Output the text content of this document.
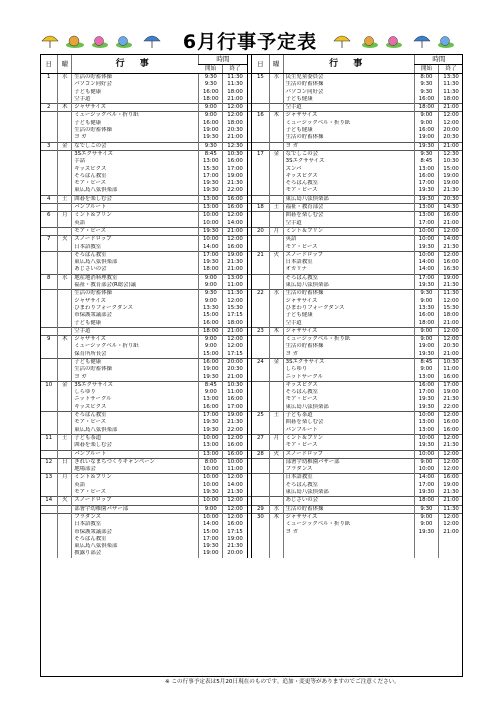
6月行事予定表
日	曜	行 事	時間			日	曜	行 事	時間	
			開始	終了					開始	終了
1	水	生活の貯蓄体操	9:30	11:30		15	水	民生児童委員会	8:00	13:30
		パソコン同好会	9:30	11:30				生活の貯蓄体操	9:30	11:30
		子ども健康	16:00	18:00				パソコン同好会	9:30	11:30
		空手道	18:00	21:00				子ども健康	16:00	18:00
2	木	ジャザサイズ	9:00	12:00				空手道	18:00	21:00
		ミュージックベル・折り紙	9:00	12:00		16	木	ジャザサイズ	9:00	12:00
		子ども健康	16:00	18:00				ミュージックベル・折り紙	9:00	12:00
		生活の貯蓄体操	19:00	20:30				子ども健康	16:00	20:00
		ヨ ガ	19:30	21:00				生活の貯蓄体操	19:00	20:30
3	金	なでしこの会	9:30	12:30				ヨ ガ	19:30	21:00
		3Sエクササイズ	8:45	10:30		17	金	なでしこの会	9:30	12:30
		手話	13:00	16:00				3Sエクササイズ	8:45	10:30
		キッズビクス	15:30	17:00				ズンバ	13:00	15:00
		そろばん教室	17:00	19:00				キッズビクス	16:00	19:00
		モア・ピース	19:30	21:30				そろばん教室	17:00	19:00
		東広島八弦倶楽部	19:30	22:00				モア・ピース	19:30	21:30
4	土	囲碁を楽しむ会	13:00	16:00				東広島八弦倶楽部	19:30	20:30
		バンフルート	13:00	16:00		18	土	福祉・教育部会	13:00	14:30
6	月	ミント＆プリン	10:00	12:00				囲碁を楽しむ会	13:00	16:00
		英語	10:00	14:00				空手道	17:00	21:00
		モア・ピース	19:30	21:00		20	月	ミント＆プリン	10:00	12:00
7	火	スノードロップ	10:00	12:00				英語	10:00	14:00
		日本語教室	14:00	16:00				モア・ピース	19:30	21:30
		そろばん教室	17:00	19:00		21	火	スノードロップ	10:00	12:00
		東広島八弦倶楽部	19:30	21:30				日本語教室	14:00	16:00
		あじさいの会	18:00	21:00				オカリナ	14:00	16:30
8	水	地産地消料理教室	9:00	13:00				そろばん教室	17:00	19:00
		福祉・教育部会(R総会)議	9:00	11:00				東広島八弦倶楽部	19:30	21:30
		生活の貯蓄体操	9:30	11:30		22	水	生活の貯蓄体操	9:30	11:30
		ジャザサイズ	9:00	12:00				ジャザサイズ	9:00	12:00
		ひまわりフォークダンス	13:30	15:30				ひまわりフォークダンス	13:30	15:30
		市保護衆議部会	15:00	17:15				子ども健康	16:00	18:00
		子ども健康	16:00	18:00				空手道	18:00	21:00
		空手道	18:00	21:00		23	木	ジャザサイズ	9:00	12:00
9	木	ジャザサイズ	9:00	12:00				ミュージックベル・折り紙	9:00	12:00
		ミュージックベル・折り紙	9:00	12:00				生活の貯蓄体操	19:00	20:30
		保育所所長会	15:00	17:15				ヨ ガ	19:30	21:00
		子ども健康	16:00	20:00		24	金	3Sエクササイズ	8:45	10:30
		生活の貯蓄体操	19:00	20:30				しらゆり	9:00	11:00
		ヨ ガ	19:30	21:00				ニットサークル	13:00	16:00
10	金	3Sエクササイズ	8:45	10:30				キッズビクス	16:00	17:00
		しらゆり	9:00	11:00				そろばん教室	17:00	19:00
		ニットサークル	13:00	16:00				モア・ピース	19:30	21:30
		キッズビクス	16:00	17:00				東広島八弦倶楽部	19:30	22:00
		そろばん教室	17:00	19:00		25	土	子ども茶道	10:00	12:00
		モア・ピース	19:30	21:30				囲碁を楽しむ会	13:00	16:00
		東広島八弦倶楽部	19:30	22:00				バンフルート	13:00	16:00
11	土	子ども茶道	10:00	12:00		27	月	ミント＆プリン	10:00	12:00
		囲碁を楽しむ会	13:00	16:00				モア・ピース	19:30	21:30
		バンフルート	13:00	16:00		28	火	スノードロップ	10:00	12:00
12	日	きれいなまちづくりキャンペーン	8:00	10:00				部署宇幼稚園バザー部	9:00	12:00
		地場部会	10:00	11:00				フラダンス	10:00	12:00
13	月	ミント＆プリン	10:00	12:00				日本語教室	14:00	16:00
		英語	10:00	14:00				そろばん教室	17:00	19:00
		モア・ピース	19:30	21:30				東広島八弦倶楽部	19:30	21:30
14	火	スノードロップ	10:00	12:00				あじさいの会	18:00	21:00
		部署宇幼稚園バザー部	9:00	12:00		29	水	生活の貯蓄体操	9:30	11:30
		フラダンス	10:00	12:00		30	木	ジャザサイズ	9:00	12:00
		日本語教室	14:00	16:00				ミュージックベル・折り紙	9:00	12:00
		市保護衆議部会	15:00	17:15				ヨ ガ	19:30	21:00
		そろばん教室	17:00	19:00						
		東広島八弦倶楽部	19:30	21:30						
		披露り部会	19:00	20:00						
※ この行事予定表は5月20日現在のものです。追加・変更等がありますのでご注意ください。
